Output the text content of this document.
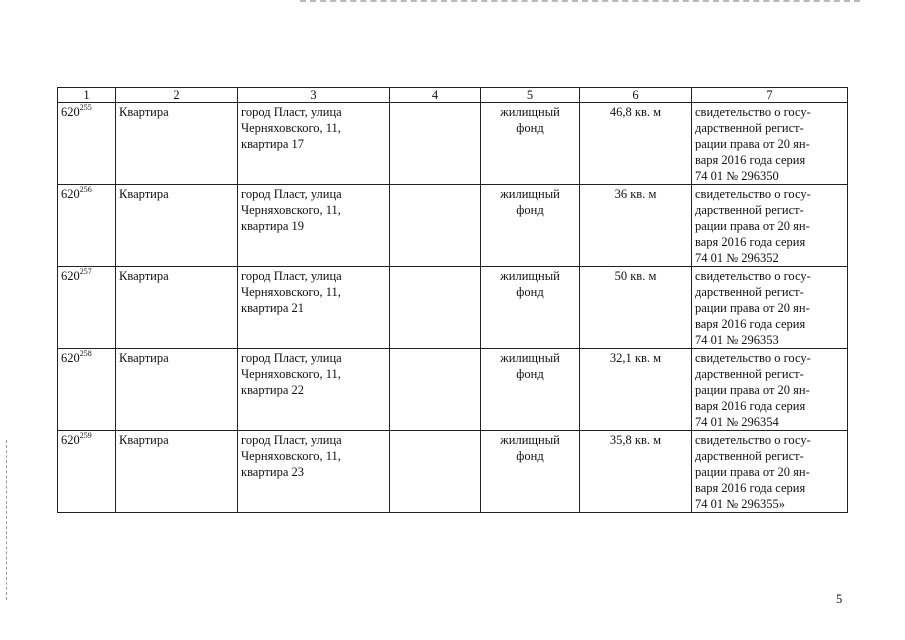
1	2	3	4	5	6	7
$620^{255}$	Квартира	город Пласт, улица
Черняховского, 11,
квартира 17		жилищный
фонд	46,8 кв. м	свидетельство о госу-
дарственной регист-
рации права от 20 ян-
варя 2016 года серия
74 01 № 296350
$620^{256}$	Квартира	город Пласт, улица
Черняховского, 11,
квартира 19		жилищный
фонд	36 кв. м	свидетельство о госу-
дарственной регист-
рации права от 20 ян-
варя 2016 года серия
74 01 № 296352
$620^{257}$	Квартира	город Пласт, улица
Черняховского, 11,
квартира 21		жилищный
фонд	50 кв. м	свидетельство о госу-
дарственной регист-
рации права от 20 ян-
варя 2016 года серия
74 01 № 296353
$620^{258}$	Квартира	город Пласт, улица
Черняховского, 11,
квартира 22		жилищный
фонд	32,1 кв. м	свидетельство о госу-
дарственной регист-
рации права от 20 ян-
варя 2016 года серия
74 01 № 296354
$620^{259}$	Квартира	город Пласт, улица
Черняховского, 11,
квартира 23		жилищный
фонд	35,8 кв. м	свидетельство о госу-
дарственной регист-
рации права от 20 ян-
варя 2016 года серия
74 01 № 296355»
5
